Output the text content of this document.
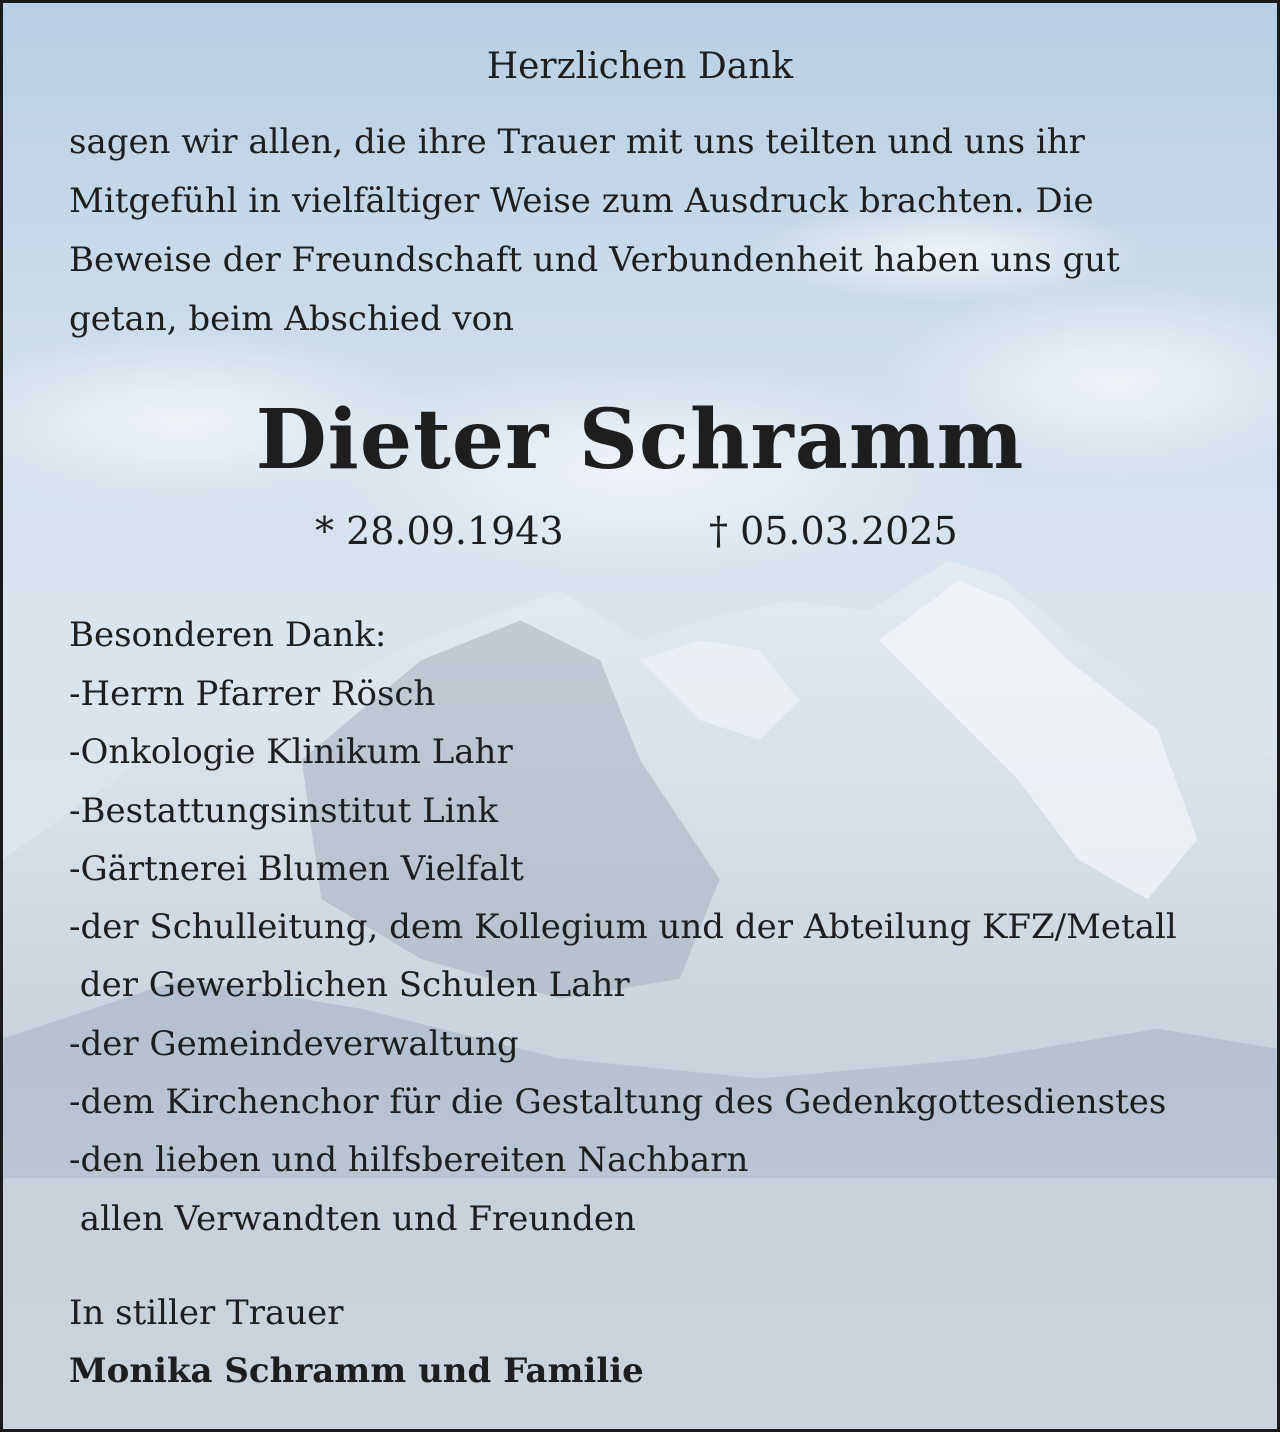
Herzlichen Dank

sagen wir allen, die ihre Trauer mit uns teilten und uns ihr Mitgefühl in vielfältiger Weise zum Ausdruck brachten. Die Beweise der Freundschaft und Verbundenheit haben uns gut getan, beim Abschied von

Dieter Schramm
* 28.09.1943	† 05.03.2025
Besonderen Dank:
-Herrn Pfarrer Rösch
-Onkologie Klinikum Lahr
-Bestattungsinstitut Link
-Gärtnerei Blumen Vielfalt
-der Schulleitung, dem Kollegium und der Abteilung KFZ/Metall
der Gewerblichen Schulen Lahr
-der Gemeindeverwaltung
-dem Kirchenchor für die Gestaltung des Gedenkgottesdienstes
-den lieben und hilfsbereiten Nachbarn
allen Verwandten und Freunden
In stiller Trauer
Monika Schramm und Familie
